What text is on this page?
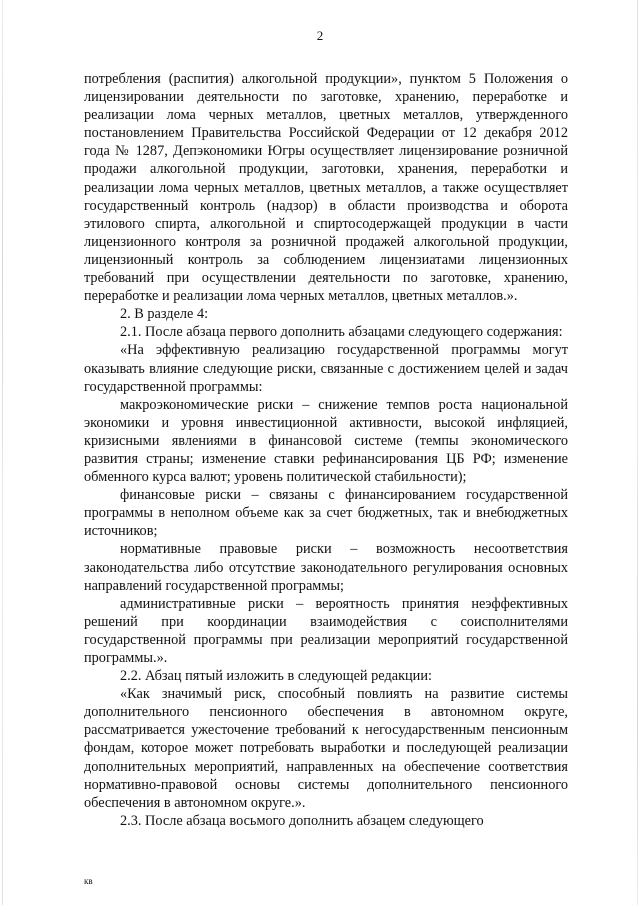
2

потребления (распития) алкогольной продукции», пунктом 5 Положения о лицензировании деятельности по заготовке, хранению, переработке и реализации лома черных металлов, цветных металлов, утвержденного постановлением Правительства Российской Федерации от 12 декабря 2012 года № 1287, Депэкономики Югры осуществляет лицензирование розничной продажи алкогольной продукции, заготовки, хранения, переработки и реализации лома черных металлов, цветных металлов, а также осуществляет государственный контроль (надзор) в области производства и оборота этилового спирта, алкогольной и спиртосодержащей продукции в части лицензионного контроля за розничной продажей алкогольной продукции, лицензионный контроль за соблюдением лицензиатами лицензионных требований при осуществлении деятельности по заготовке, хранению, переработке и реализации лома черных металлов, цветных металлов.».

2. В разделе 4:

2.1. После абзаца первого дополнить абзацами следующего содержания:

«На эффективную реализацию государственной программы могут оказывать влияние следующие риски, связанные с достижением целей и задач государственной программы:

макроэкономические риски – снижение темпов роста национальной экономики и уровня инвестиционной активности, высокой инфляцией, кризисными явлениями в финансовой системе (темпы экономического развития страны; изменение ставки рефинансирования ЦБ РФ; изменение обменного курса валют; уровень политической стабильности);

финансовые риски – связаны с финансированием государственной программы в неполном объеме как за счет бюджетных, так и внебюджетных источников;

нормативные правовые риски – возможность несоответствия законодательства либо отсутствие законодательного регулирования основных направлений государственной программы;

административные риски – вероятность принятия неэффективных решений при координации взаимодействия с соисполнителями государственной программы при реализации мероприятий государственной программы.».

2.2. Абзац пятый изложить в следующей редакции:

«Как значимый риск, способный повлиять на развитие системы дополнительного пенсионного обеспечения в автономном округе, рассматривается ужесточение требований к негосударственным пенсионным фондам, которое может потребовать выработки и последующей реализации дополнительных мероприятий, направленных на обеспечение соответствия нормативно-правовой основы системы дополнительного пенсионного обеспечения в автономном округе.».

2.3. После абзаца восьмого дополнить абзацем следующего

кв
